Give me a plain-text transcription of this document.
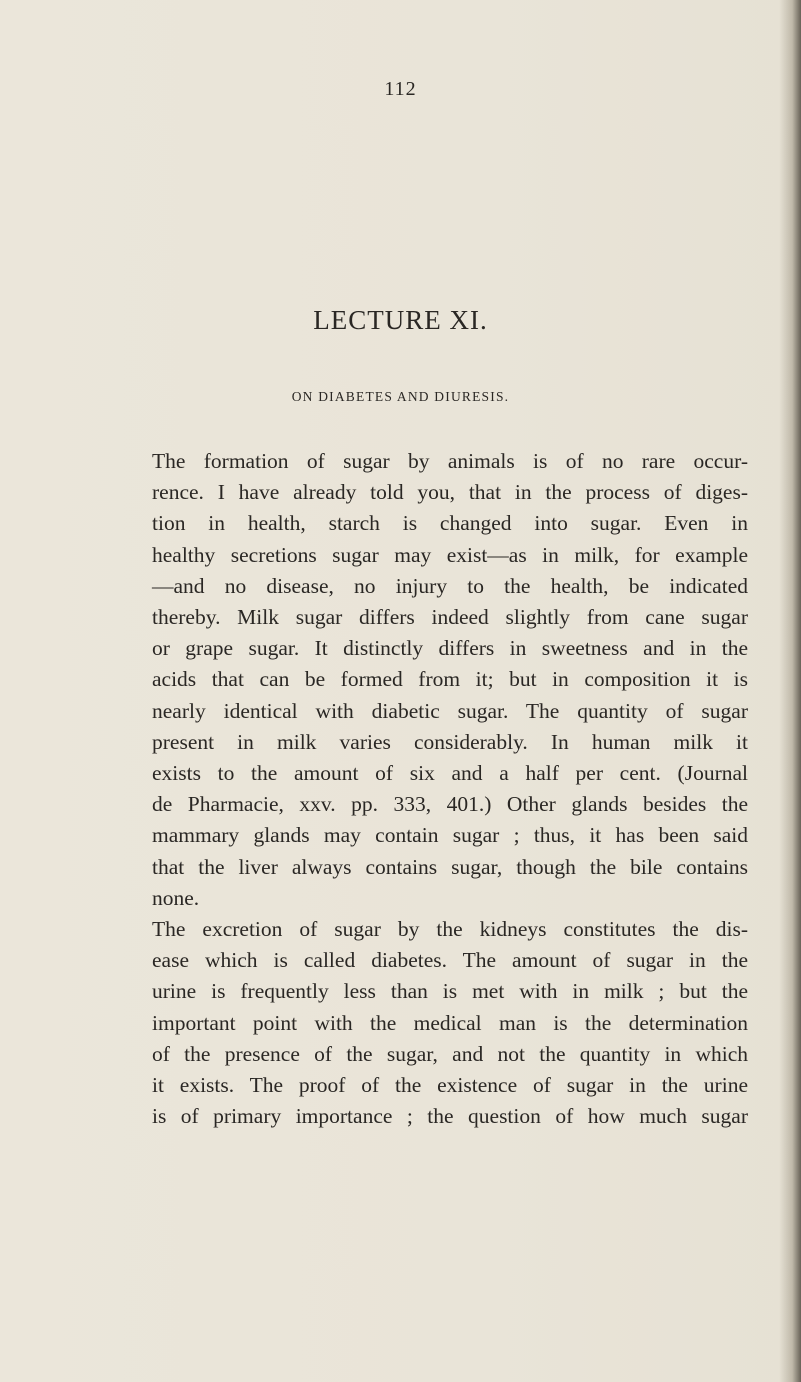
112
LECTURE XI.
ON DIABETES AND DIURESIS.
The formation of sugar by animals is of no rare occur-
rence. I have already told you, that in the process of diges-
tion in health, starch is changed into sugar. Even in
healthy secretions sugar may exist—as in milk, for example
—and no disease, no injury to the health, be indicated
thereby. Milk sugar differs indeed slightly from cane sugar
or grape sugar. It distinctly differs in sweetness and in the
acids that can be formed from it; but in composition it is
nearly identical with diabetic sugar. The quantity of sugar
present in milk varies considerably. In human milk it
exists to the amount of six and a half per cent. (Journal
de Pharmacie, xxv. pp. 333, 401.) Other glands besides the
mammary glands may contain sugar ; thus, it has been said
that the liver always contains sugar, though the bile contains
none.
The excretion of sugar by the kidneys constitutes the dis-
ease which is called diabetes. The amount of sugar in the
urine is frequently less than is met with in milk ; but the
important point with the medical man is the determination
of the presence of the sugar, and not the quantity in which
it exists. The proof of the existence of sugar in the urine
is of primary importance ; the question of how much sugar
